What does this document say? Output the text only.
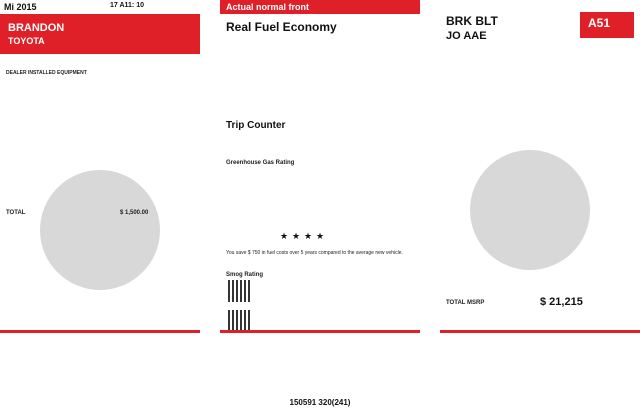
Mi 2015	17 A11: 10
BRANDON
TOYOTA
DEALER INSTALLED EQUIPMENT
TOTAL	$ 1,500.00
Actual normal front
Real Fuel Economy
Trip Counter
Greenhouse Gas Rating
★ ★ ★ ★
You save $ 750 in fuel costs over 5 years compared to the average new vehicle.
Smog Rating
BRK BLT	A51
JO AAE
TOTAL MSRP	$ 21,215
150591 320(241)
